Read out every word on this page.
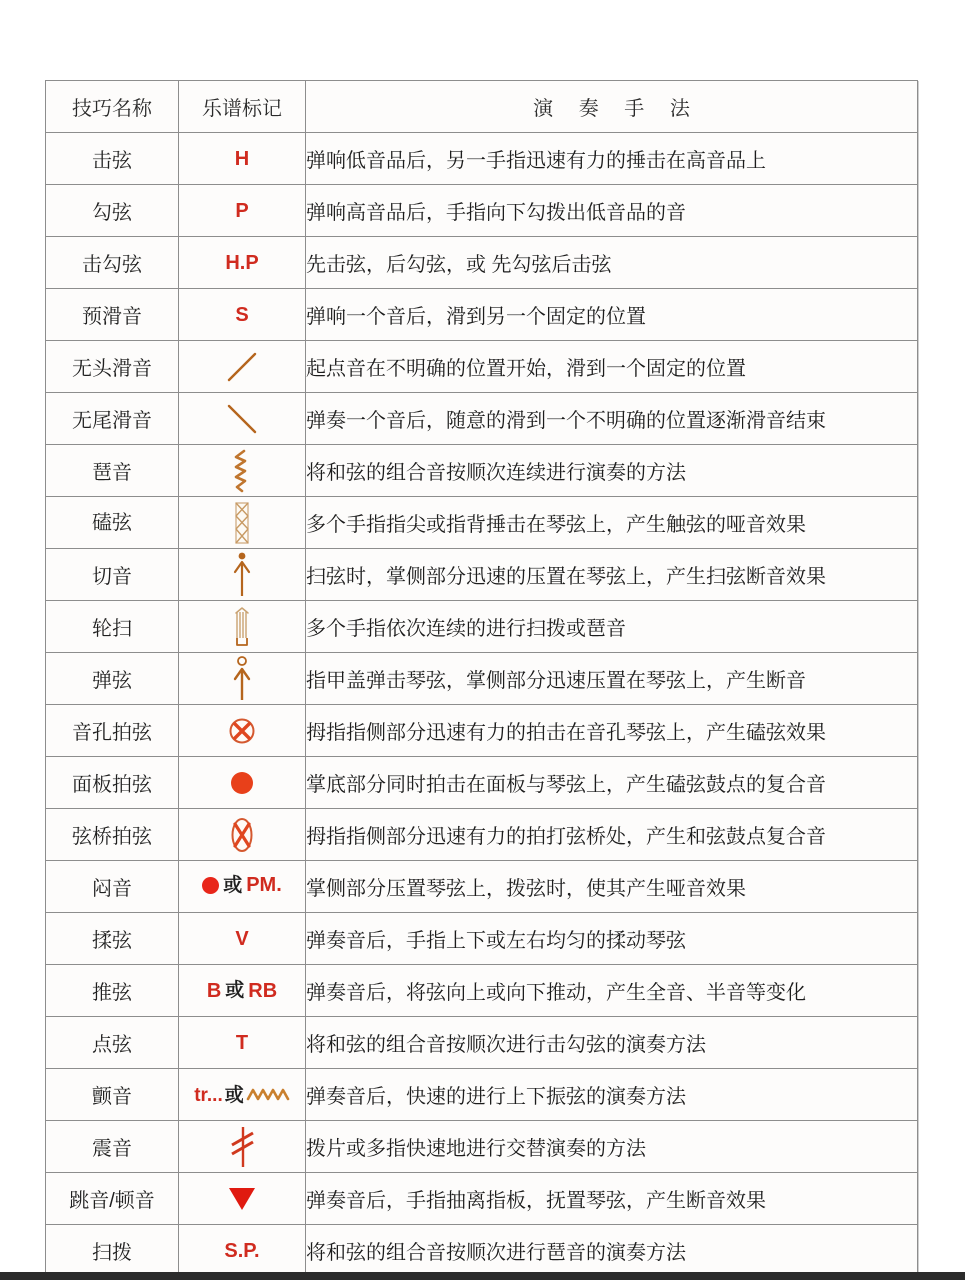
技巧名称	乐谱标记	演 奏 手 法
击弦	H	弹响低音品后，另一手指迅速有力的捶击在高音品上
勾弦	P	弹响高音品后，手指向下勾拨出低音品的音
击勾弦	H.P	先击弦，后勾弦，或 先勾弦后击弦
预滑音	S	弹响一个音后，滑到另一个固定的位置
无头滑音		起点音在不明确的位置开始，滑到一个固定的位置
无尾滑音		弹奏一个音后，随意的滑到一个不明确的位置逐渐滑音结束
琶音		将和弦的组合音按顺次连续进行演奏的方法
磕弦		多个手指指尖或指背捶击在琴弦上，产生触弦的哑音效果
切音		扫弦时，掌侧部分迅速的压置在琴弦上，产生扫弦断音效果
轮扫		多个手指依次连续的进行扫拨或琶音
弹弦		指甲盖弹击琴弦，掌侧部分迅速压置在琴弦上，产生断音
音孔拍弦		拇指指侧部分迅速有力的拍击在音孔琴弦上，产生磕弦效果
面板拍弦		掌底部分同时拍击在面板与琴弦上，产生磕弦鼓点的复合音
弦桥拍弦		拇指指侧部分迅速有力的拍打弦桥处，产生和弦鼓点复合音
闷音	或 PM.	掌侧部分压置琴弦上，拨弦时，使其产生哑音效果
揉弦	V	弹奏音后，手指上下或左右均匀的揉动琴弦
推弦	B 或 RB	弹奏音后，将弦向上或向下推动，产生全音、半音等变化
点弦	T	将和弦的组合音按顺次进行击勾弦的演奏方法
颤音	tr... 或	弹奏音后，快速的进行上下振弦的演奏方法
震音		拨片或多指快速地进行交替演奏的方法
跳音/顿音		弹奏音后，手指抽离指板，抚置琴弦，产生断音效果
扫拨	S.P.	将和弦的组合音按顺次进行琶音的演奏方法
